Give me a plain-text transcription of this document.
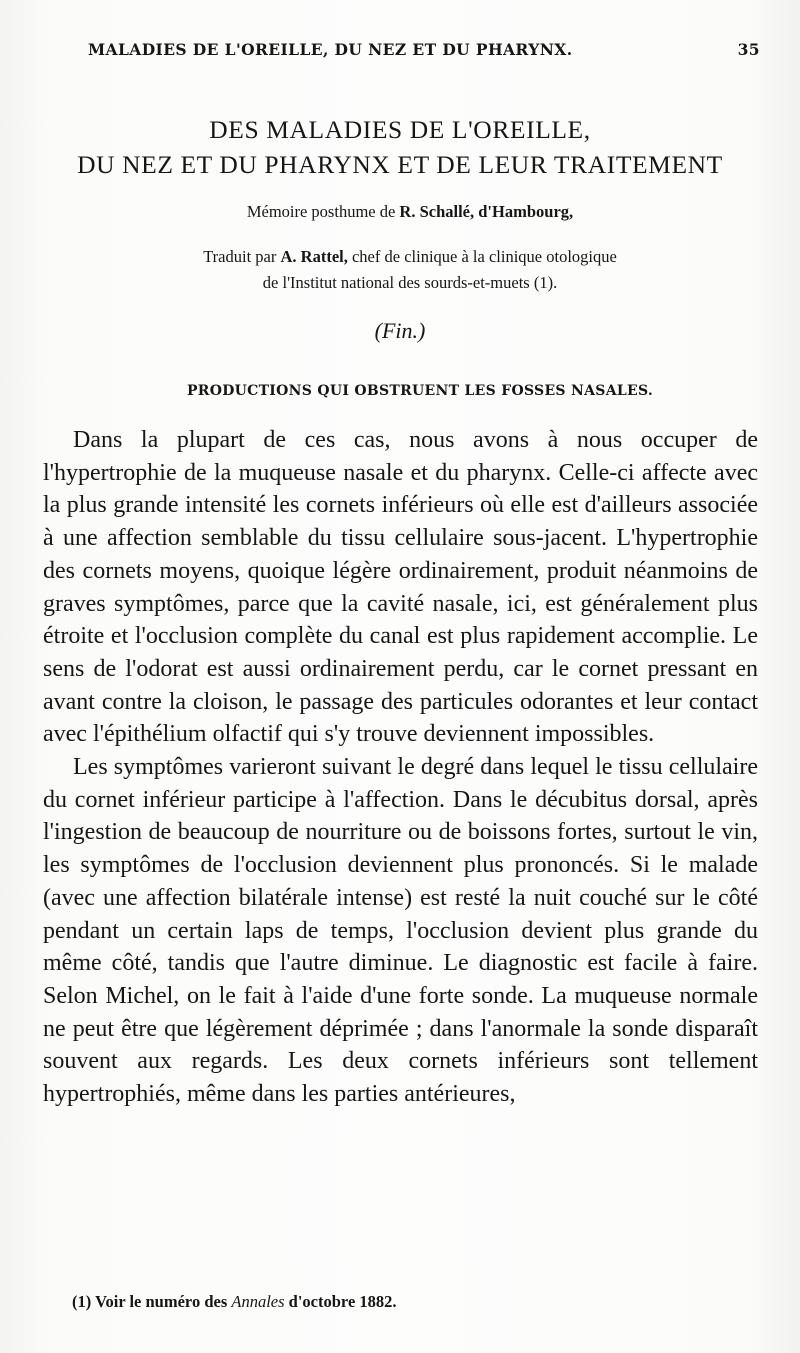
MALADIES DE L'OREILLE, DU NEZ ET DU PHARYNX.	35
DES MALADIES DE L'OREILLE,
DU NEZ ET DU PHARYNX ET DE LEUR TRAITEMENT
Mémoire posthume de R. Schallé, d'Hambourg,
Traduit par A. Rattel, chef de clinique à la clinique otologique
de l'Institut national des sourds-et-muets (1).
(Fin.)
PRODUCTIONS QUI OBSTRUENT LES FOSSES NASALES.

Dans la plupart de ces cas, nous avons à nous occuper de l'hypertrophie de la muqueuse nasale et du pharynx. Celle-ci affecte avec la plus grande intensité les cornets inférieurs où elle est d'ailleurs associée à une affection semblable du tissu cellulaire sous-jacent. L'hypertrophie des cornets moyens, quoique légère ordinairement, produit néanmoins de graves symptômes, parce que la cavité nasale, ici, est généralement plus étroite et l'occlusion complète du canal est plus rapidement accomplie. Le sens de l'odorat est aussi ordinairement perdu, car le cornet pressant en avant contre la cloison, le passage des particules odorantes et leur contact avec l'épithélium olfactif qui s'y trouve deviennent impossibles.

Les symptômes varieront suivant le degré dans lequel le tissu cellulaire du cornet inférieur participe à l'affection. Dans le décubitus dorsal, après l'ingestion de beaucoup de nourriture ou de boissons fortes, surtout le vin, les symptômes de l'occlusion deviennent plus prononcés. Si le malade (avec une affection bilatérale intense) est resté la nuit couché sur le côté pendant un certain laps de temps, l'occlusion devient plus grande du même côté, tandis que l'autre diminue. Le diagnostic est facile à faire. Selon Michel, on le fait à l'aide d'une forte sonde. La muqueuse normale ne peut être que légèrement déprimée ; dans l'anormale la sonde disparaît souvent aux regards. Les deux cornets inférieurs sont tellement hypertrophiés, même dans les parties antérieures,

(1) Voir le numéro des Annales d'octobre 1882.
